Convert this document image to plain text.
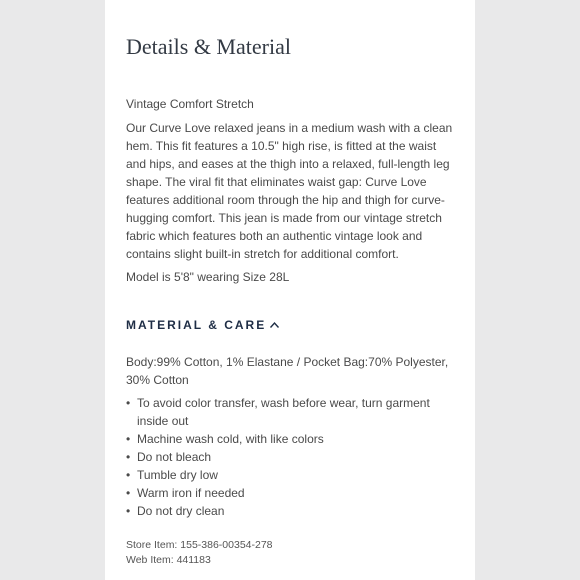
Details & Material
Vintage Comfort Stretch
Our Curve Love relaxed jeans in a medium wash with a clean hem. This fit features a 10.5" high rise, is fitted at the waist and hips, and eases at the thigh into a relaxed, full-length leg shape. The viral fit that eliminates waist gap: Curve Love features additional room through the hip and thigh for curve-hugging comfort. This jean is made from our vintage stretch fabric which features both an authentic vintage look and contains slight built-in stretch for additional comfort.
Model is 5'8" wearing Size 28L
MATERIAL & CARE
Body:99% Cotton, 1% Elastane / Pocket Bag:70% Polyester, 30% Cotton
• To avoid color transfer, wash before wear, turn garment inside out
• Machine wash cold, with like colors
• Do not bleach
• Tumble dry low
• Warm iron if needed
• Do not dry clean
Store Item: 155-386-00354-278
Web Item: 441183
